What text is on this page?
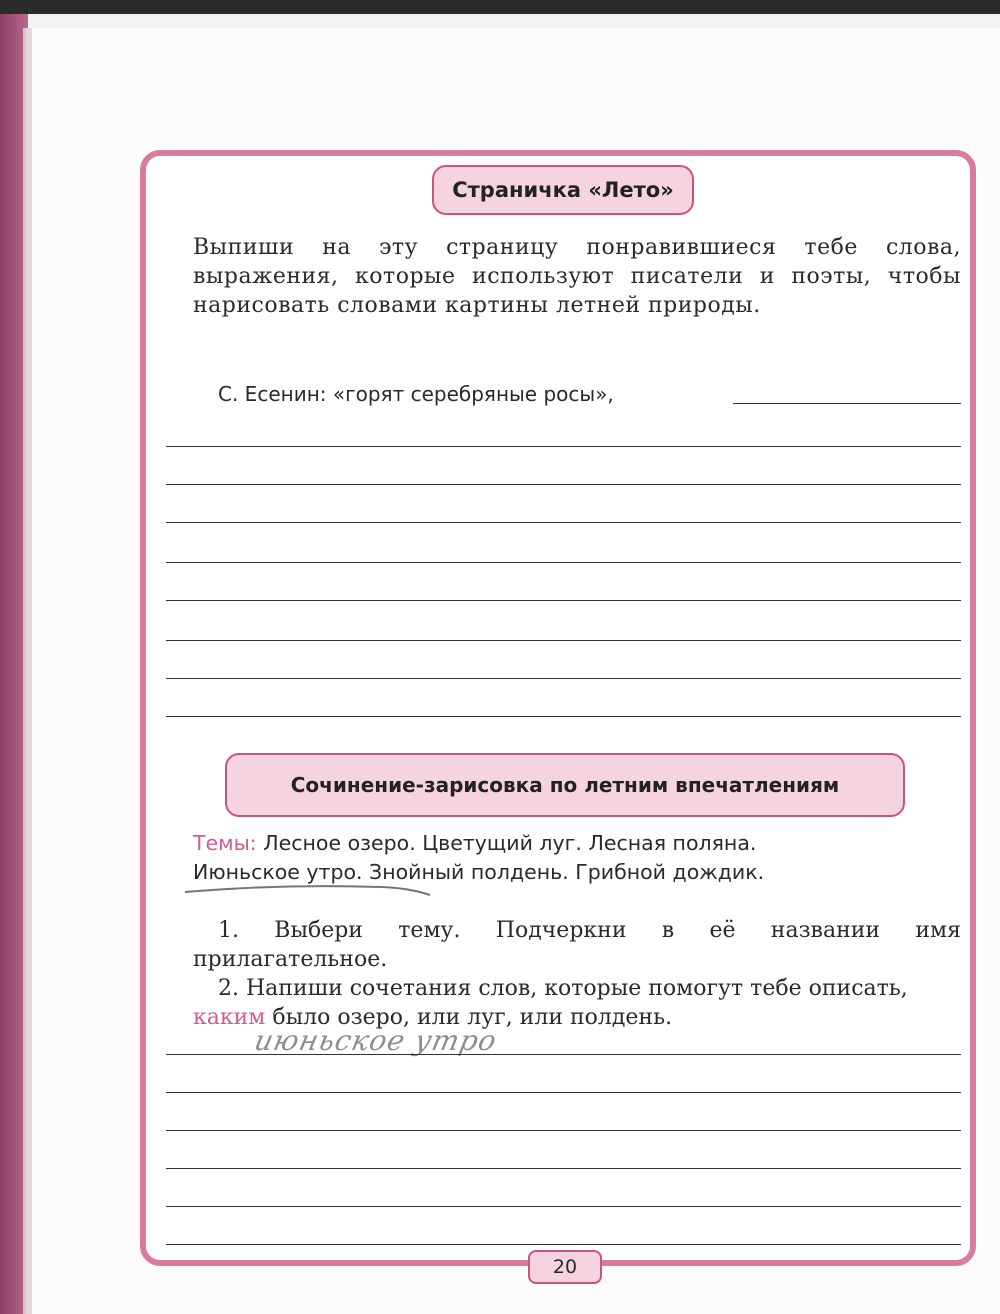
Страничка «Лето»
Выпиши на эту страницу понравившиеся тебе слова, выражения, которые используют писатели и поэты, чтобы нарисовать словами картины летней природы.
С. Есенин: «горят серебряные росы»,
Сочинение-зарисовка по летним впечатлениям
Темы: Лесное озеро. Цветущий луг. Лесная поляна.
Июньское утро. Знойный полдень. Грибной дождик.
1. Выбери тему. Подчеркни в её названии имя прилагательное.
2. Напиши сочетания слов, которые помогут тебе описать, каким было озеро, или луг, или полдень.
июньское утро
20
